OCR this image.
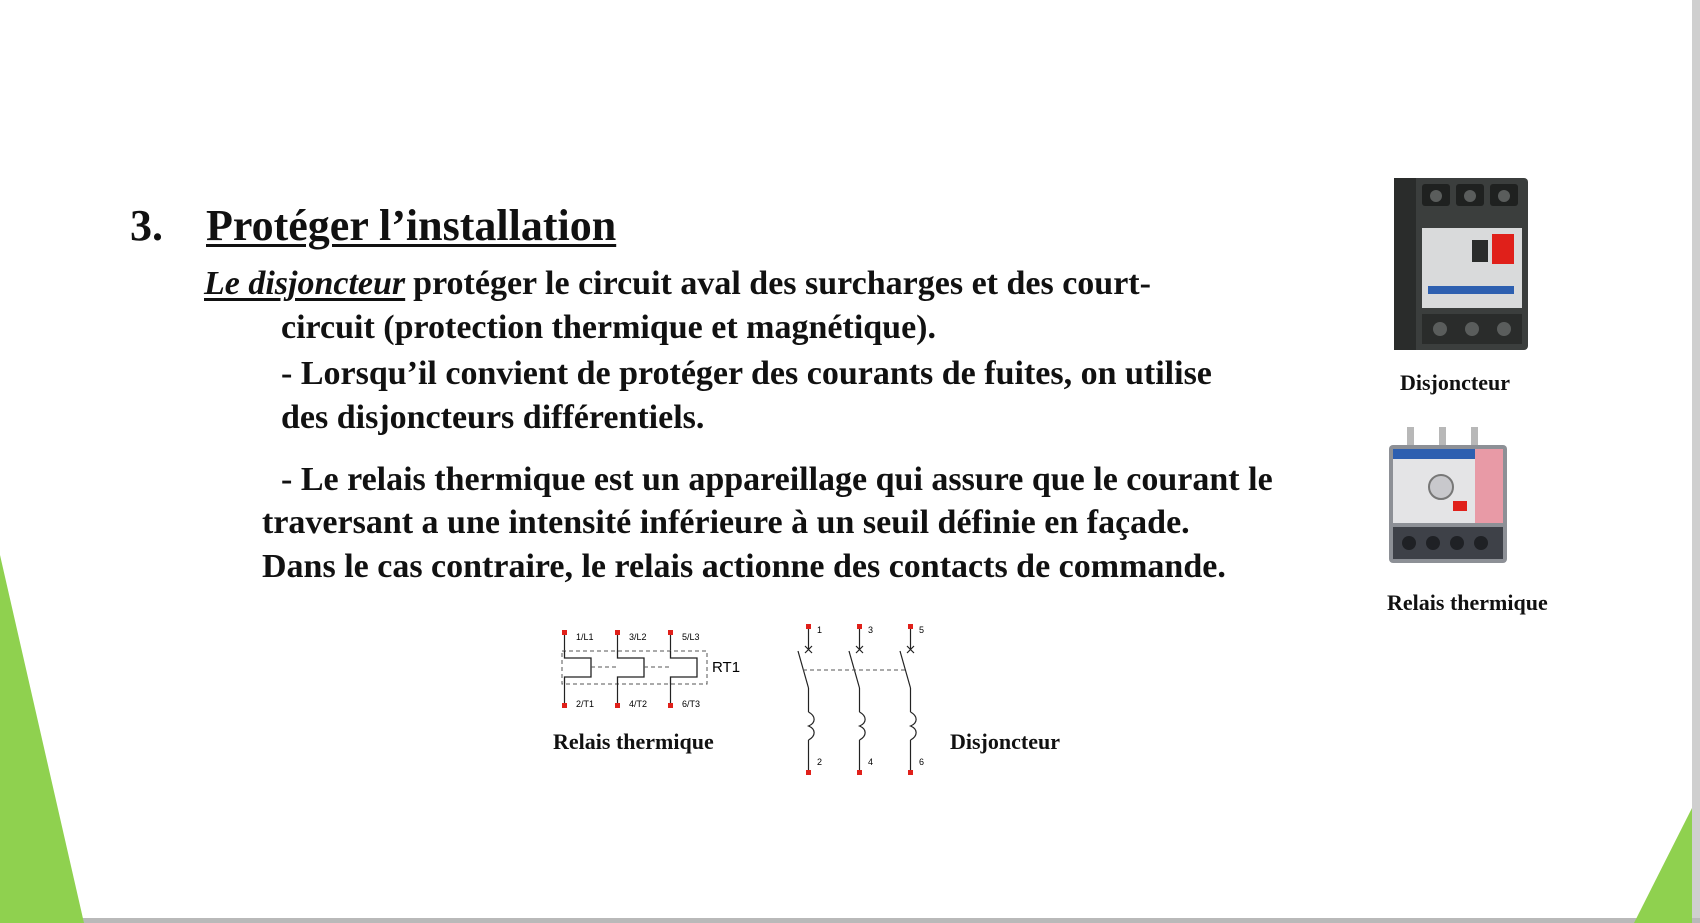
3. Protéger l’installation
Le disjoncteur protéger le circuit aval des surcharges et des court-
circuit (protection thermique et magnétique).
- Lorsqu’il convient de protéger des courants de fuites, on utilise
des disjoncteurs différentiels.
- Le relais thermique est un appareillage qui assure que le courant le
traversant a une intensité inférieure à un seuil définie en façade.
Dans le cas contraire, le relais actionne des contacts de commande.
Disjoncteur
Relais thermique
1/L1	3/L2	5/L3
RT1
2/T1	4/T2	6/T3
Relais thermique
1	3	5
2	4	6
Disjoncteur
